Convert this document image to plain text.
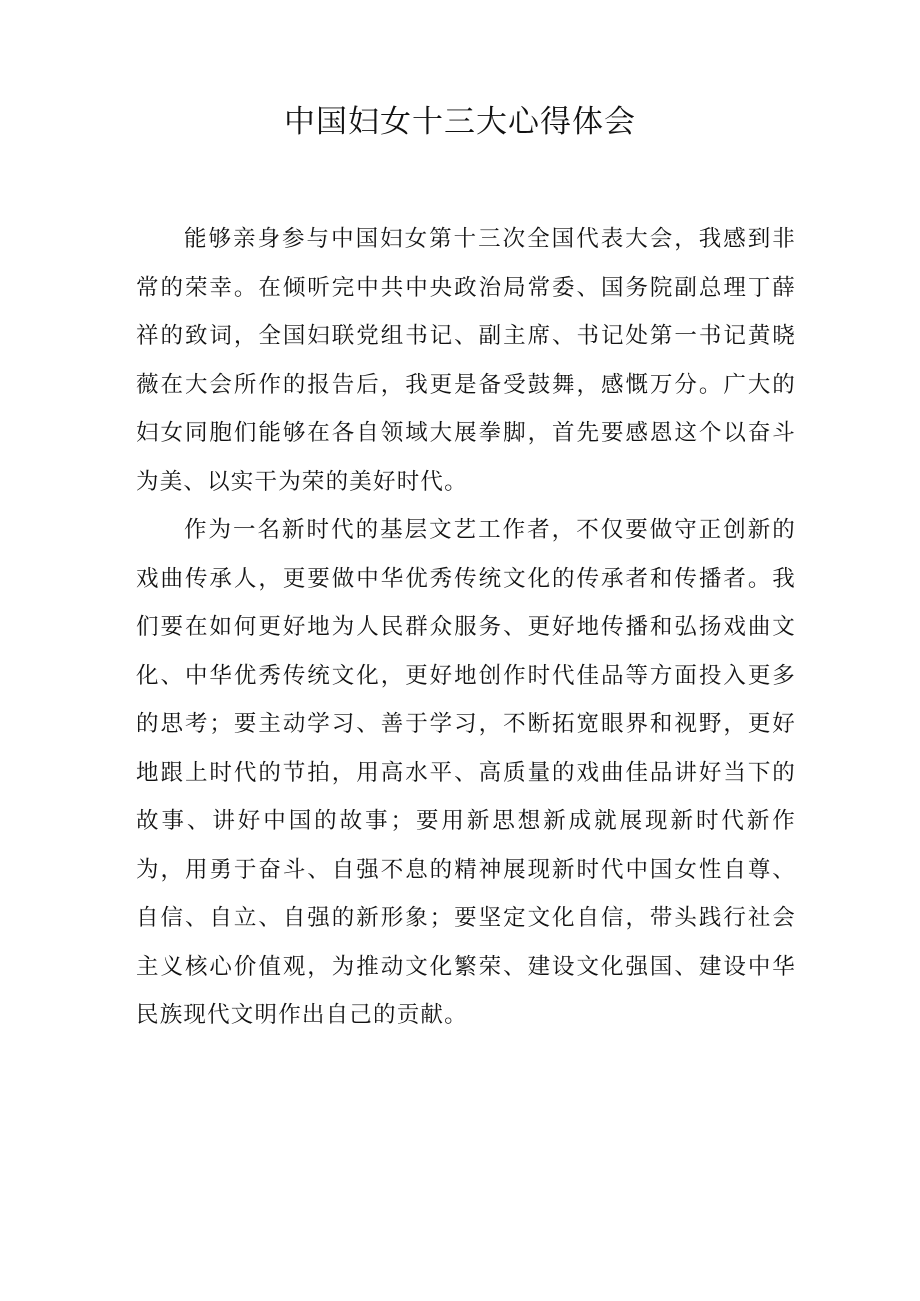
中国妇女十三大心得体会

能够亲身参与中国妇女第十三次全国代表大会，我感到非常的荣幸。在倾听完中共中央政治局常委、国务院副总理丁薛祥的致词，全国妇联党组书记、副主席、书记处第一书记黄晓薇在大会所作的报告后，我更是备受鼓舞，感慨万分。广大的妇女同胞们能够在各自领域大展拳脚，首先要感恩这个以奋斗为美、以实干为荣的美好时代。

作为一名新时代的基层文艺工作者，不仅要做守正创新的戏曲传承人，更要做中华优秀传统文化的传承者和传播者。我们要在如何更好地为人民群众服务、更好地传播和弘扬戏曲文化、中华优秀传统文化，更好地创作时代佳品等方面投入更多的思考；要主动学习、善于学习，不断拓宽眼界和视野，更好地跟上时代的节拍，用高水平、高质量的戏曲佳品讲好当下的故事、讲好中国的故事；要用新思想新成就展现新时代新作为，用勇于奋斗、自强不息的精神展现新时代中国女性自尊、自信、自立、自强的新形象；要坚定文化自信，带头践行社会主义核心价值观，为推动文化繁荣、建设文化强国、建设中华民族现代文明作出自己的贡献。
